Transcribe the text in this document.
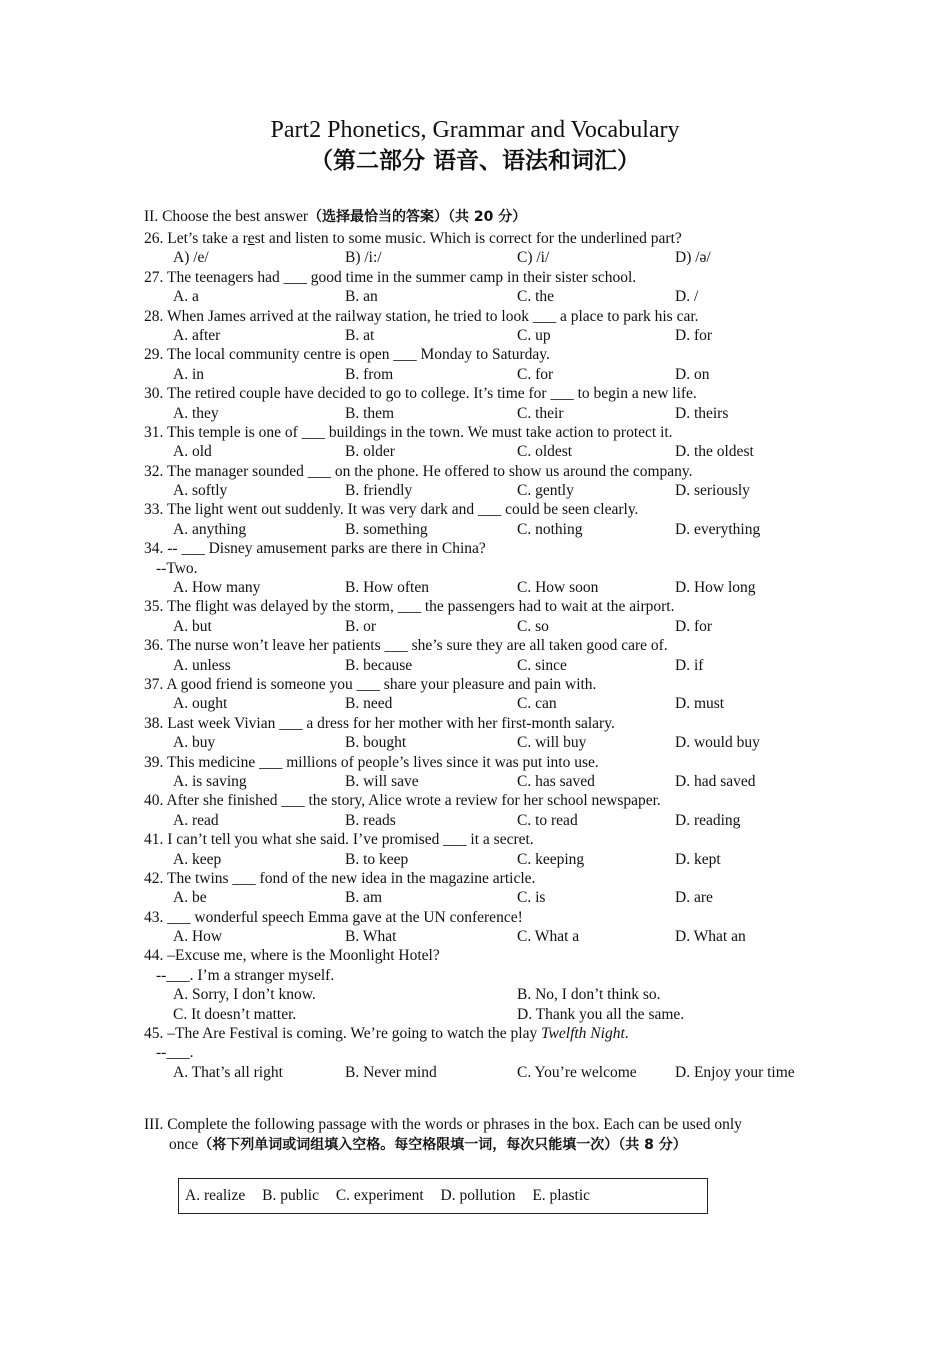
Part2 Phonetics, Grammar and Vocabulary
（第二部分 语音、语法和词汇）
II. Choose the best answer（选择最恰当的答案）（共 20 分）
26. Let’s take a rest and listen to some music. Which is correct for the underlined part?
A) /e/	B) /i:/	C) /i/	D) /ə/
27. The teenagers had ___ good time in the summer camp in their sister school.
A. a	B. an	C. the	D. /
28. When James arrived at the railway station, he tried to look ___ a place to park his car.
A. after	B. at	C. up	D. for
29. The local community centre is open ___ Monday to Saturday.
A. in	B. from	C. for	D. on
30. The retired couple have decided to go to college. It’s time for ___ to begin a new life.
A. they	B. them	C. their	D. theirs
31. This temple is one of ___ buildings in the town. We must take action to protect it.
A. old	B. older	C. oldest	D. the oldest
32. The manager sounded ___ on the phone. He offered to show us around the company.
A. softly	B. friendly	C. gently	D. seriously
33. The light went out suddenly. It was very dark and ___ could be seen clearly.
A. anything	B. something	C. nothing	D. everything
34. -- ___ Disney amusement parks are there in China?
--Two.
A. How many	B. How often	C. How soon	D. How long
35. The flight was delayed by the storm, ___ the passengers had to wait at the airport.
A. but	B. or	C. so	D. for
36. The nurse won’t leave her patients ___ she’s sure they are all taken good care of.
A. unless	B. because	C. since	D. if
37. A good friend is someone you ___ share your pleasure and pain with.
A. ought	B. need	C. can	D. must
38. Last week Vivian ___ a dress for her mother with her first-month salary.
A. buy	B. bought	C. will buy	D. would buy
39. This medicine ___ millions of people’s lives since it was put into use.
A. is saving	B. will save	C. has saved	D. had saved
40. After she finished ___ the story, Alice wrote a review for her school newspaper.
A. read	B. reads	C. to read	D. reading
41. I can’t tell you what she said. I’ve promised ___ it a secret.
A. keep	B. to keep	C. keeping	D. kept
42. The twins ___ fond of the new idea in the magazine article.
A. be	B. am	C. is	D. are
43. ___ wonderful speech Emma gave at the UN conference!
A. How	B. What	C. What a	D. What an
44. –Excuse me, where is the Moonlight Hotel?
--___. I’m a stranger myself.
A. Sorry, I don’t know.	B. No, I don’t think so.
C. It doesn’t matter.	D. Thank you all the same.
45. –The Are Festival is coming. We’re going to watch the play Twelfth Night.
--___.
A. That’s all right	B. Never mind	C. You’re welcome D. Enjoy your time
III. Complete the following passage with the words or phrases in the box. Each can be used only
once（将下列单词或词组填入空格。每空格限填一词，每次只能填一次）（共 8 分）
A. realize B. public C. experiment D. pollution E. plastic
